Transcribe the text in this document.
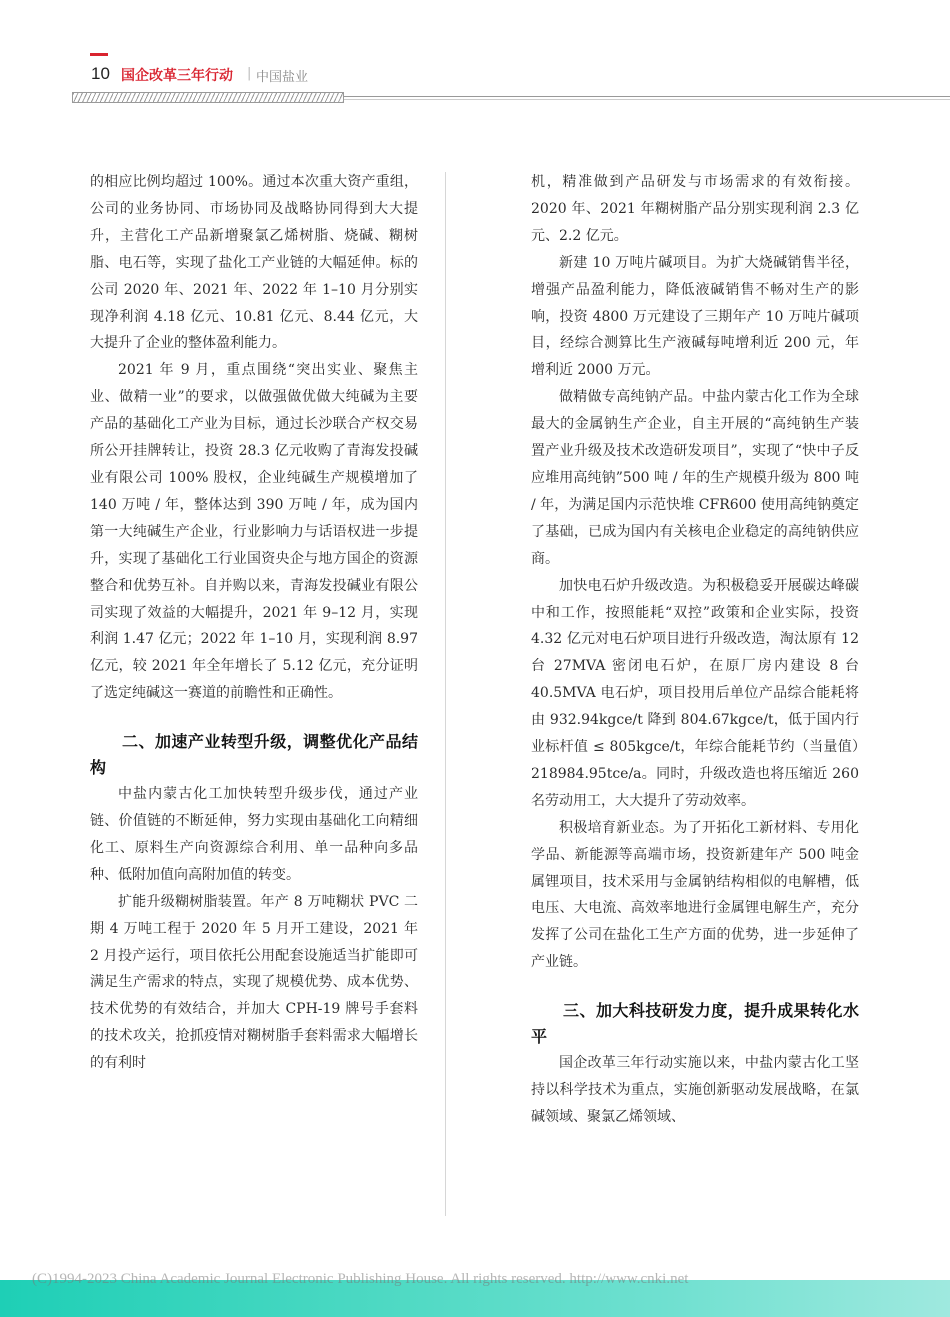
10 国企改革三年行动 | 中国盐业

的相应比例均超过 100%。通过本次重大资产重组，公司的业务协同、市场协同及战略协同得到大大提升，主营化工产品新增聚氯乙烯树脂、烧碱、糊树脂、电石等，实现了盐化工产业链的大幅延伸。标的公司 2020 年、2021 年、2022 年 1–10 月分别实现净利润 4.18 亿元、10.81 亿元、8.44 亿元，大大提升了企业的整体盈利能力。

2021 年 9 月，重点围绕“突出实业、聚焦主业、做精一业”的要求，以做强做优做大纯碱为主要产品的基础化工产业为目标，通过长沙联合产权交易所公开挂牌转让，投资 28.3 亿元收购了青海发投碱业有限公司 100% 股权，企业纯碱生产规模增加了 140 万吨 / 年，整体达到 390 万吨 / 年，成为国内第一大纯碱生产企业，行业影响力与话语权进一步提升，实现了基础化工行业国资央企与地方国企的资源整合和优势互补。自并购以来，青海发投碱业有限公司实现了效益的大幅提升，2021 年 9–12 月，实现利润 1.47 亿元；2022 年 1–10 月，实现利润 8.97 亿元，较 2021 年全年增长了 5.12 亿元，充分证明了选定纯碱这一赛道的前瞻性和正确性。

二、加速产业转型升级，调整优化产品结构

中盐内蒙古化工加快转型升级步伐，通过产业链、价值链的不断延伸，努力实现由基础化工向精细化工、原料生产向资源综合利用、单一品种向多品种、低附加值向高附加值的转变。

扩能升级糊树脂装置。年产 8 万吨糊状 PVC 二期 4 万吨工程于 2020 年 5 月开工建设，2021 年 2 月投产运行，项目依托公用配套设施适当扩能即可满足生产需求的特点，实现了规模优势、成本优势、技术优势的有效结合，并加大 CPH-19 牌号手套料的技术攻关，抢抓疫情对糊树脂手套料需求大幅增长的有利时

机，精准做到产品研发与市场需求的有效衔接。2020 年、2021 年糊树脂产品分别实现利润 2.3 亿元、2.2 亿元。

新建 10 万吨片碱项目。为扩大烧碱销售半径，增强产品盈利能力，降低液碱销售不畅对生产的影响，投资 4800 万元建设了三期年产 10 万吨片碱项目，经综合测算比生产液碱每吨增利近 200 元，年增利近 2000 万元。

做精做专高纯钠产品。中盐内蒙古化工作为全球最大的金属钠生产企业，自主开展的“高纯钠生产装置产业升级及技术改造研发项目”，实现了“快中子反应堆用高纯钠”500 吨 / 年的生产规模升级为 800 吨 / 年，为满足国内示范快堆 CFR600 使用高纯钠奠定了基础，已成为国内有关核电企业稳定的高纯钠供应商。

加快电石炉升级改造。为积极稳妥开展碳达峰碳中和工作，按照能耗“双控”政策和企业实际，投资 4.32 亿元对电石炉项目进行升级改造，淘汰原有 12 台 27MVA 密闭电石炉，在原厂房内建设 8 台 40.5MVA 电石炉，项目投用后单位产品综合能耗将由 932.94kgce/t 降到 804.67kgce/t，低于国内行业标杆值 ≤ 805kgce/t，年综合能耗节约（当量值）218984.95tce/a。同时，升级改造也将压缩近 260 名劳动用工，大大提升了劳动效率。

积极培育新业态。为了开拓化工新材料、专用化学品、新能源等高端市场，投资新建年产 500 吨金属锂项目，技术采用与金属钠结构相似的电解槽，低电压、大电流、高效率地进行金属锂电解生产，充分发挥了公司在盐化工生产方面的优势，进一步延伸了产业链。

三、加大科技研发力度，提升成果转化水平

国企改革三年行动实施以来，中盐内蒙古化工坚持以科学技术为重点，实施创新驱动发展战略，在氯碱领域、聚氯乙烯领域、

(C)1994-2023 China Academic Journal Electronic Publishing House. All rights reserved. http://www.cnki.net
